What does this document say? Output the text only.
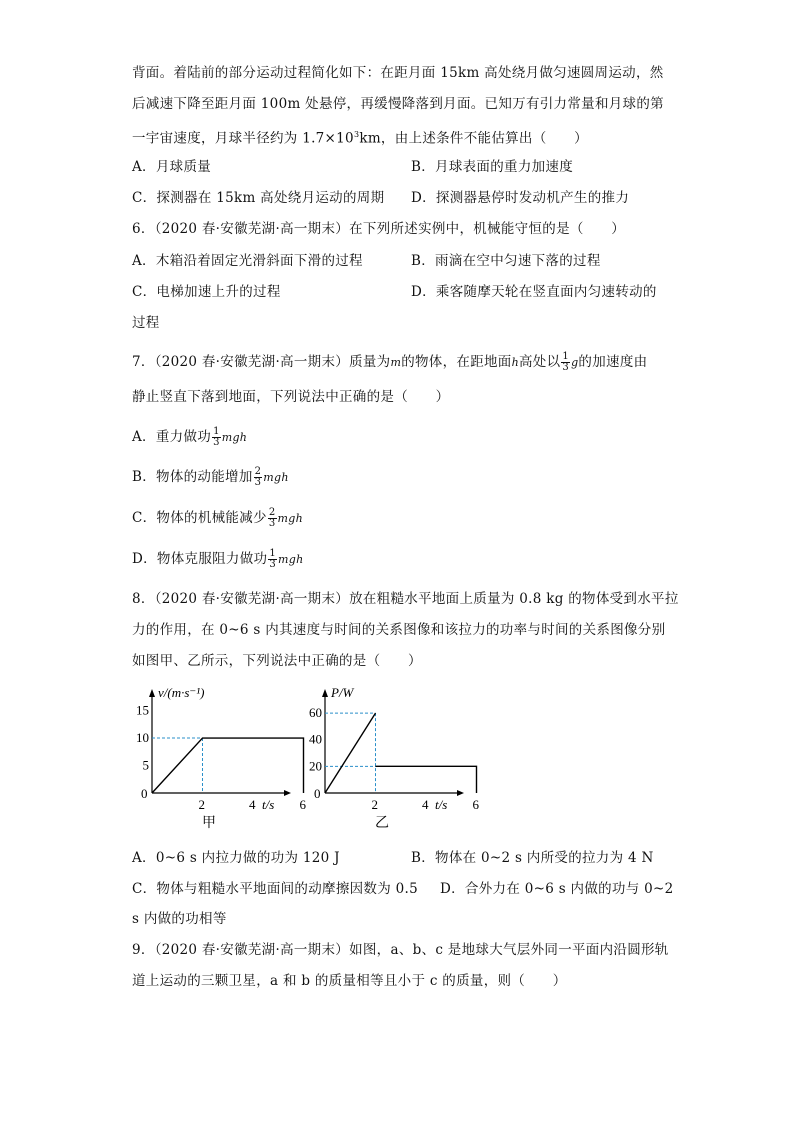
背面。着陆前的部分运动过程简化如下：在距月面 15km 高处绕月做匀速圆周运动，然
后减速下降至距月面 100m 处悬停，再缓慢降落到月面。已知万有引力常量和月球的第
一宇宙速度，月球半径约为 $1.7\times 10^3km$，由上述条件不能估算出（　　）
A．月球质量	B．月球表面的重力加速度
C．探测器在 15km 高处绕月运动的周期 D．探测器悬停时发动机产生的推力
6．（2020 春·安徽芜湖·高一期末）在下列所述实例中，机械能守恒的是（　　）
A．木箱沿着固定光滑斜面下滑的过程	B．雨滴在空中匀速下落的过程
C．电梯加速上升的过程	D．乘客随摩天轮在竖直面内匀速转动的
过程
7．（2020 春·安徽芜湖·高一期末）质量为m的物体，在距地面h高处以 $\frac{1}{3}$ g的加速度由
静止竖直下落到地面，下列说法中正确的是（　　）
A．重力做功 $\frac{1}{3}$ mgh
B．物体的动能增加 $\frac{2}{3}$ mgh
C．物体的机械能减少 $\frac{2}{3}$ mgh
D．物体克服阻力做功 $\frac{1}{3}$ mgh
8．（2020 春·安徽芜湖·高一期末）放在粗糙水平地面上质量为 0.8 kg 的物体受到水平拉
力的作用，在 0~6 s 内其速度与时间的关系图像和该拉力的功率与时间的关系图像分别
如图甲、乙所示，下列说法中正确的是（　　）
0
2	4	6
5
10
15
t/s
v/(m·s⁻¹)
甲
0
2	4	6
20
40
60
t/s
P/W
乙
A．0~6 s 内拉力做的功为 120 J	B．物体在 0~2 s 内所受的拉力为 4 N
C．物体与粗糙水平地面间的动摩擦因数为 0.5 D．合外力在 0~6 s 内做的功与 0~2
s 内做的功相等
9．（2020 春·安徽芜湖·高一期末）如图，a、b、c 是地球大气层外同一平面内沿圆形轨
道上运动的三颗卫星，a 和 b 的质量相等且小于 c 的质量，则（　　）
